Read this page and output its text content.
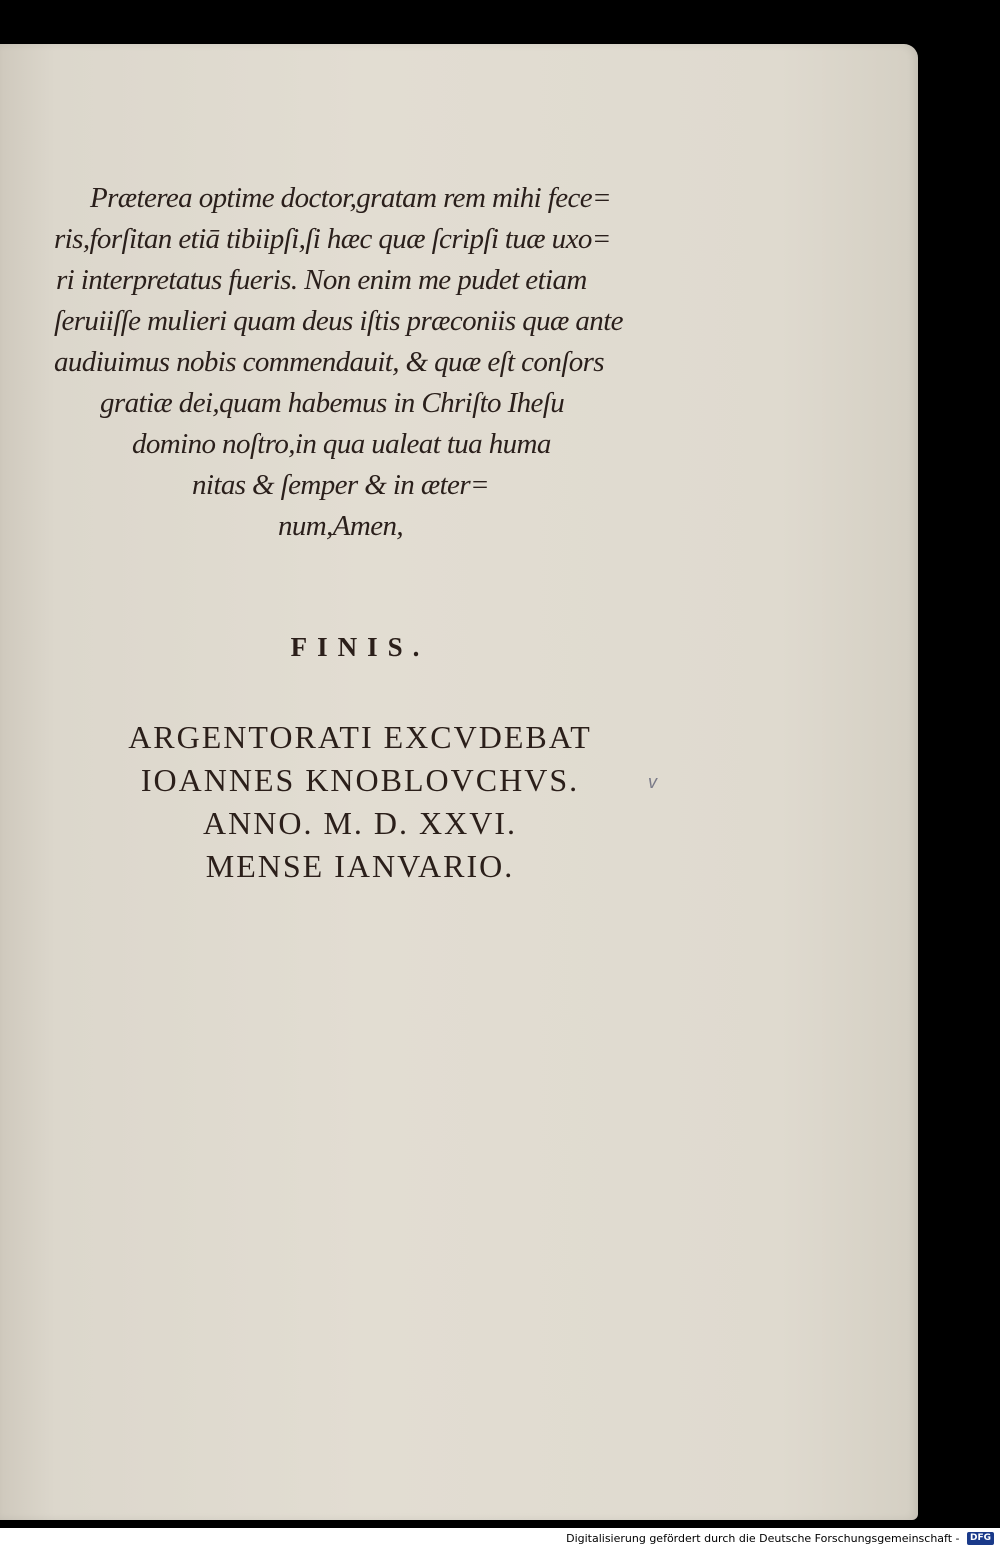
Prӕterea optime doctor,gratam rem mihi fece=
ris,forſitan etiā tibiipſi,ſi hӕc quӕ ſcripſi tuӕ uxo=
ri interpretatus fueris. Non enim me pudet etiam
ſeruiiſſe mulieri quam deus iſtis prӕconiis quӕ ante
audiuimus nobis commendauit, & quӕ eſt conſors
gratiӕ dei,quam habemus in Chriſto Iheſu
domino noſtro,in qua ualeat tua huma
nitas & ſemper & in ӕter=
num,Amen,
FINIS.
ARGENTORATI EXCVDEBAT
IOANNES KNOBLOVCHVS.
ANNO. M. D. XXVI.
MENSE IANVARIO.
v
Digitalisierung gefördert durch die Deutsche Forschungsgemeinschaft - DFG
